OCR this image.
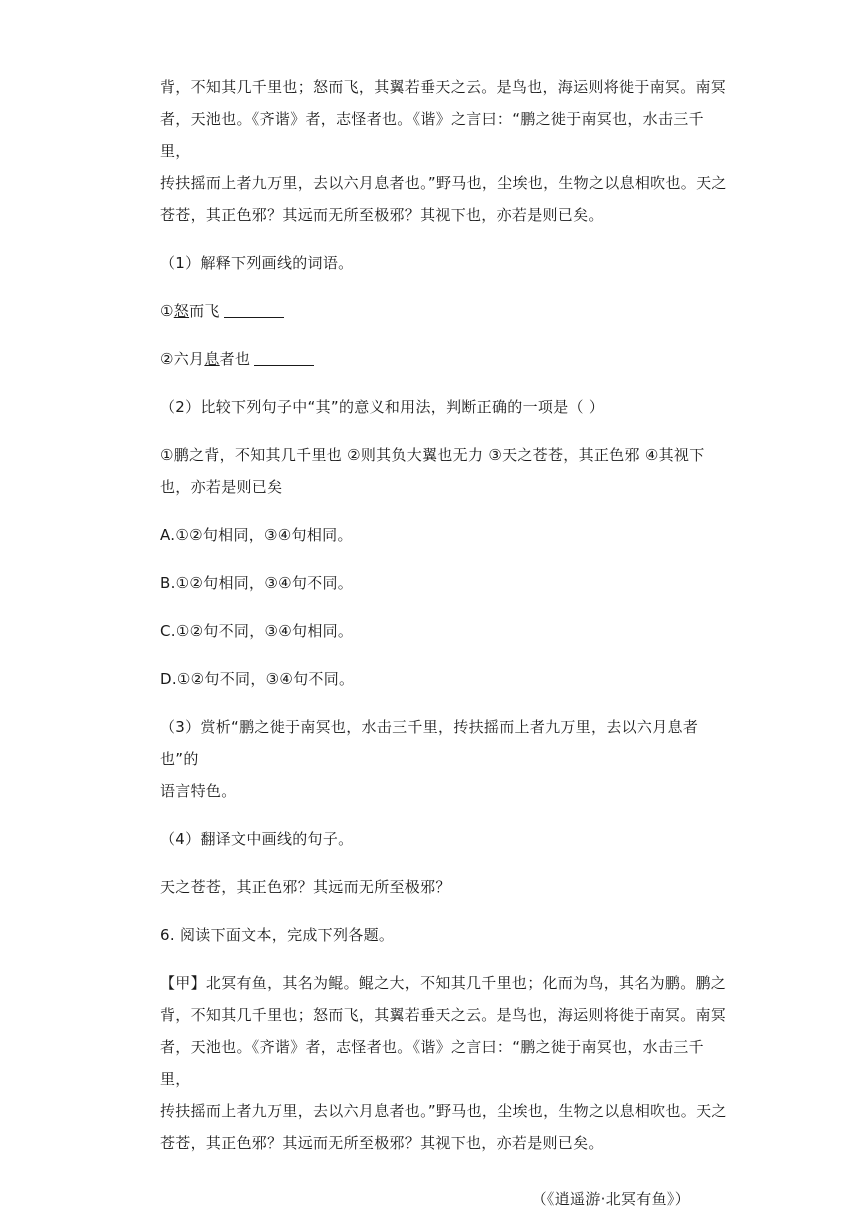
背，不知其几千里也；怒而飞，其翼若垂天之云。是鸟也，海运则将徙于南冥。南冥

者，天池也。《齐谐》者，志怪者也。《谐》之言曰：“鹏之徙于南冥也，水击三千里，

抟扶摇而上者九万里，去以六月息者也。”野马也，尘埃也，生物之以息相吹也。天之

苍苍，其正色邪？其远而无所至极邪？其视下也，亦若是则已矣。

（1）解释下列画线的词语。

①怒而飞

②六月息者也

（2）比较下列句子中“其”的意义和用法，判断正确的一项是（ ）

①鹏之背，不知其几千里也 ②则其负大翼也无力 ③天之苍苍，其正色邪 ④其视下

也，亦若是则已矣

A.①②句相同，③④句相同。

B.①②句相同，③④句不同。

C.①②句不同，③④句相同。

D.①②句不同，③④句不同。

（3）赏析“鹏之徙于南冥也，水击三千里，抟扶摇而上者九万里，去以六月息者也”的

语言特色。

（4）翻译文中画线的句子。

天之苍苍，其正色邪？其远而无所至极邪？

6. 阅读下面文本，完成下列各题。

【甲】北冥有鱼，其名为鲲。鲲之大，不知其几千里也；化而为鸟，其名为鹏。鹏之

背，不知其几千里也；怒而飞，其翼若垂天之云。是鸟也，海运则将徙于南冥。南冥

者，天池也。《齐谐》者，志怪者也。《谐》之言曰：“鹏之徙于南冥也，水击三千里，

抟扶摇而上者九万里，去以六月息者也。”野马也，尘埃也，生物之以息相吹也。天之

苍苍，其正色邪？其远而无所至极邪？其视下也，亦若是则已矣。

（《逍遥游·北冥有鱼》）
